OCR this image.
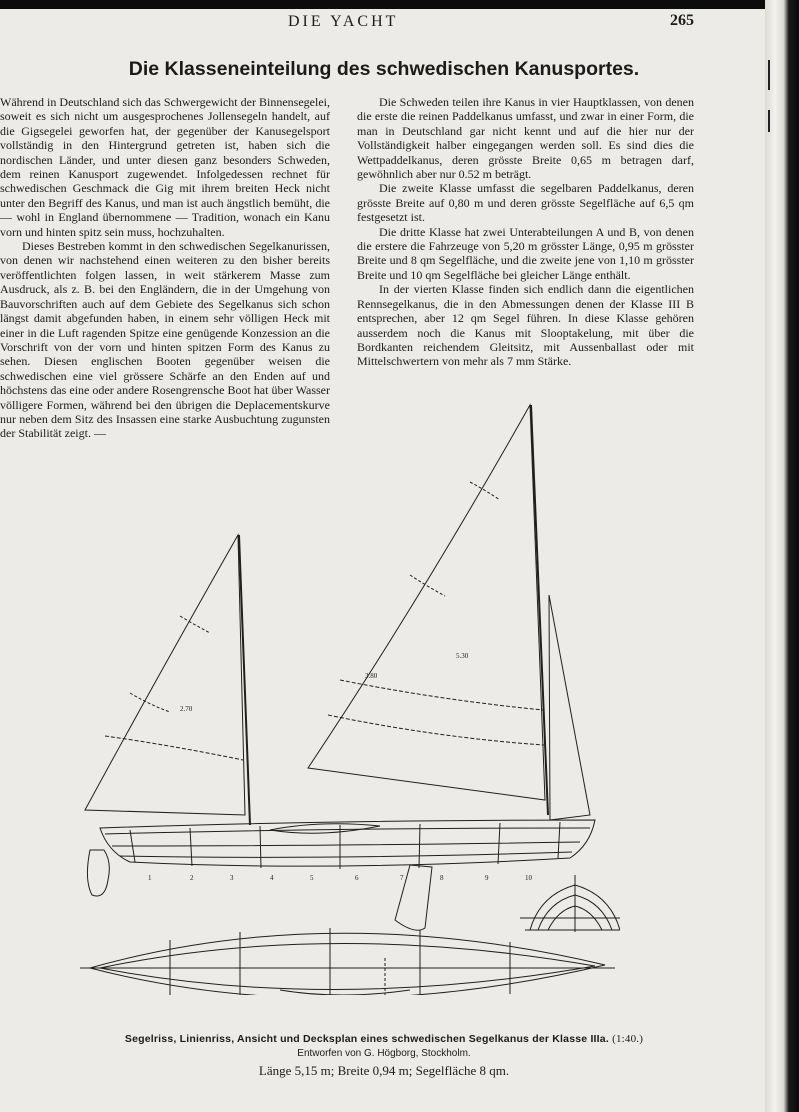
DIE YACHT	265
Die Klasseneinteilung des schwedischen Kanusportes.

Während in Deutschland sich das Schwergewicht der Binnensegelei, soweit es sich nicht um ausgesprochenes Jollensegeln handelt, auf die Gigsegelei geworfen hat, der gegenüber der Kanusegelsport vollständig in den Hintergrund getreten ist, haben sich die nordischen Länder, und unter diesen ganz besonders Schweden, dem reinen Kanusport zugewendet. Infolgedessen rechnet für schwedischen Geschmack die Gig mit ihrem breiten Heck nicht unter den Begriff des Kanus, und man ist auch ängstlich bemüht, die — wohl in England übernommene — Tradition, wonach ein Kanu vorn und hinten spitz sein muss, hochzuhalten.

Dieses Bestreben kommt in den schwedischen Segelkanurissen, von denen wir nachstehend einen weiteren zu den bisher bereits veröffentlichten folgen lassen, in weit stärkerem Masse zum Ausdruck, als z. B. bei den Engländern, die in der Umgehung von Bauvorschriften auch auf dem Gebiete des Segelkanus sich schon längst damit abgefunden haben, in einem sehr völligen Heck mit einer in die Luft ragenden Spitze eine genügende Konzession an die Vorschrift von der vorn und hinten spitzen Form des Kanus zu sehen. Diesen englischen Booten gegenüber weisen die schwedischen eine viel grössere Schärfe an den Enden auf und höchstens das eine oder andere Rosengrensche Boot hat über Wasser völligere Formen, während bei den übrigen die Deplacementskurve nur neben dem Sitz des Insassen eine starke Ausbuchtung zugunsten der Stabilität zeigt. —

Die Schweden teilen ihre Kanus in vier Hauptklassen, von denen die erste die reinen Paddelkanus umfasst, und zwar in einer Form, die man in Deutschland gar nicht kennt und auf die hier nur der Vollständigkeit halber eingegangen werden soll. Es sind dies die Wettpaddelkanus, deren grösste Breite 0,65 m betragen darf, gewöhnlich aber nur 0.52 m beträgt.

Die zweite Klasse umfasst die segelbaren Paddelkanus, deren grösste Breite auf 0,80 m und deren grösste Segelfläche auf 6,5 qm festgesetzt ist.

Die dritte Klasse hat zwei Unterabteilungen A und B, von denen die erstere die Fahrzeuge von 5,20 m grösster Länge, 0,95 m grösster Breite und 8 qm Segelfläche, und die zweite jene von 1,10 m grösster Breite und 10 qm Segelfläche bei gleicher Länge enthält.

In der vierten Klasse finden sich endlich dann die eigentlichen Rennsegelkanus, die in den Abmessungen denen der Klasse III B entsprechen, aber 12 qm Segel führen. In diese Klasse gehören ausserdem noch die Kanus mit Slooptakelung, mit über die Bordkanten reichendem Gleitsitz, mit Aussenballast oder mit Mittelschwertern von mehr als 7 mm Stärke.

2.70
5.30
3.80
1	2	3	4	5	6	7	8	9	10
Segelriss, Linienriss, Ansicht und Decksplan eines schwedischen Segelkanus der Klasse IIIa. (1:40.)
Entworfen von G. Högborg, Stockholm.
Länge 5,15 m; Breite 0,94 m; Segelfläche 8 qm.
